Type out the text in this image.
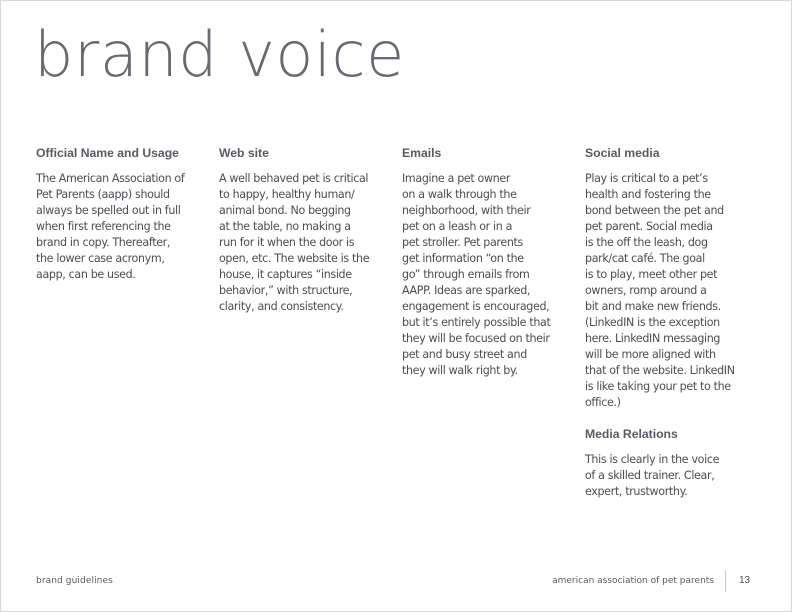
brand voice
Official Name and Usage

The American Association of
Pet Parents (aapp) should
always be spelled out in full
when first referencing the
brand in copy. Thereafter,
the lower case acronym,
aapp, can be used.

Web site

A well behaved pet is critical
to happy, healthy human/
animal bond. No begging
at the table, no making a
run for it when the door is
open, etc. The website is the
house, it captures “inside
behavior,” with structure,
clarity, and consistency.

Emails

Imagine a pet owner
on a walk through the
neighborhood, with their
pet on a leash or in a
pet stroller. Pet parents
get information “on the
go” through emails from
AAPP. Ideas are sparked,
engagement is encouraged,
but it’s entirely possible that
they will be focused on their
pet and busy street and
they will walk right by.

Social media

Play is critical to a pet’s
health and fostering the
bond between the pet and
pet parent. Social media
is the off the leash, dog
park/cat café. The goal
is to play, meet other pet
owners, romp around a
bit and make new friends.
(LinkedIN is the exception
here. LinkedIN messaging
will be more aligned with
that of the website. LinkedIN
is like taking your pet to the
office.)

Media Relations

This is clearly in the voice
of a skilled trainer. Clear,
expert, trustworthy.

brand guidelines	american association of pet parents	13
